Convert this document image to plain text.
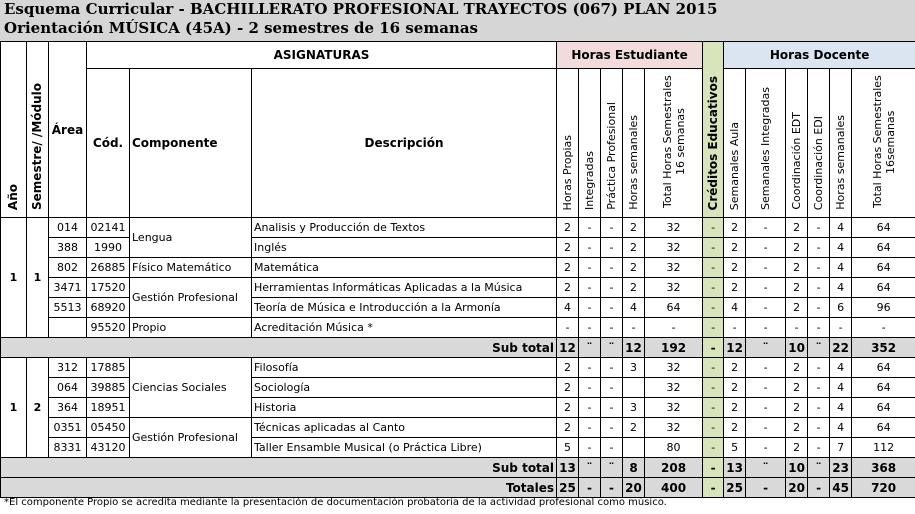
Esquema Curricular - BACHILLERATO PROFESIONAL TRAYECTOS (067) PLAN 2015
Orientación MÚSICA (45A) - 2 semestres de 16 semanas
Año	Semestre/ /Módulo	Área	ASIGNATURAS			Horas Estudiante					Créditos Educativos	Horas Docente					
			Cód.	Componente	Descripción	Horas Propias	Integradas	Práctica Profesional	Horas semanales	Total Horas Semestrales 16 semanas		Semanales Aula	Semanales Integradas	Coordinación EDT	Coordinación EDI	Horas semanales	Total Horas Semestrales 16semanas
1	1	014	02141	Lengua	Analisis y Producción de Textos	2	-	-	2	32	-	2	-	2	-	4	64
		388	1990		Inglés	2	-	-	2	32	-	2	-	2	-	4	64
		802	26885	Físico Matemático	Matemática	2	-	-	2	32	-	2	-	2	-	4	64
		3471	17520	Gestión Profesional	Herramientas Informáticas Aplicadas a la Música	2	-	-	2	32	-	2	-	2	-	4	64
		5513	68920		Teoría de Música e Introducción a la Armonía	4	-	-	4	64	-	4	-	2	-	6	96
			95520	Propio	Acreditación Música *	-	-	-	-	-	-	-	-	-	-	-	-
Sub total						12	¨	¨	12	192	-	12	¨	10	¨	22	352
1	2	312	17885	Ciencias Sociales	Filosofía	2	-	-	3	32	-	2	-	2	-	4	64
		064	39885		Sociología	2	-	-		32	-	2	-	2	-	4	64
		364	18951		Historia	2	-	-	3	32	-	2	-	2	-	4	64
		0351	05450	Gestión Profesional	Técnicas aplicadas al Canto	2	-	-	2	32	-	2	-	2	-	4	64
		8331	43120		Taller Ensamble Musical (o Práctica Libre)	5	-	-		80	-	5	-	2	-	7	112
Sub total						13	¨	¨	8	208	-	13	¨	10	¨	23	368
Totales						25	-	-	20	400	-	25	-	20	-	45	720
*El componente Propio se acredita mediante la presentación de documentación probatoria de la actividad profesional como músico.
